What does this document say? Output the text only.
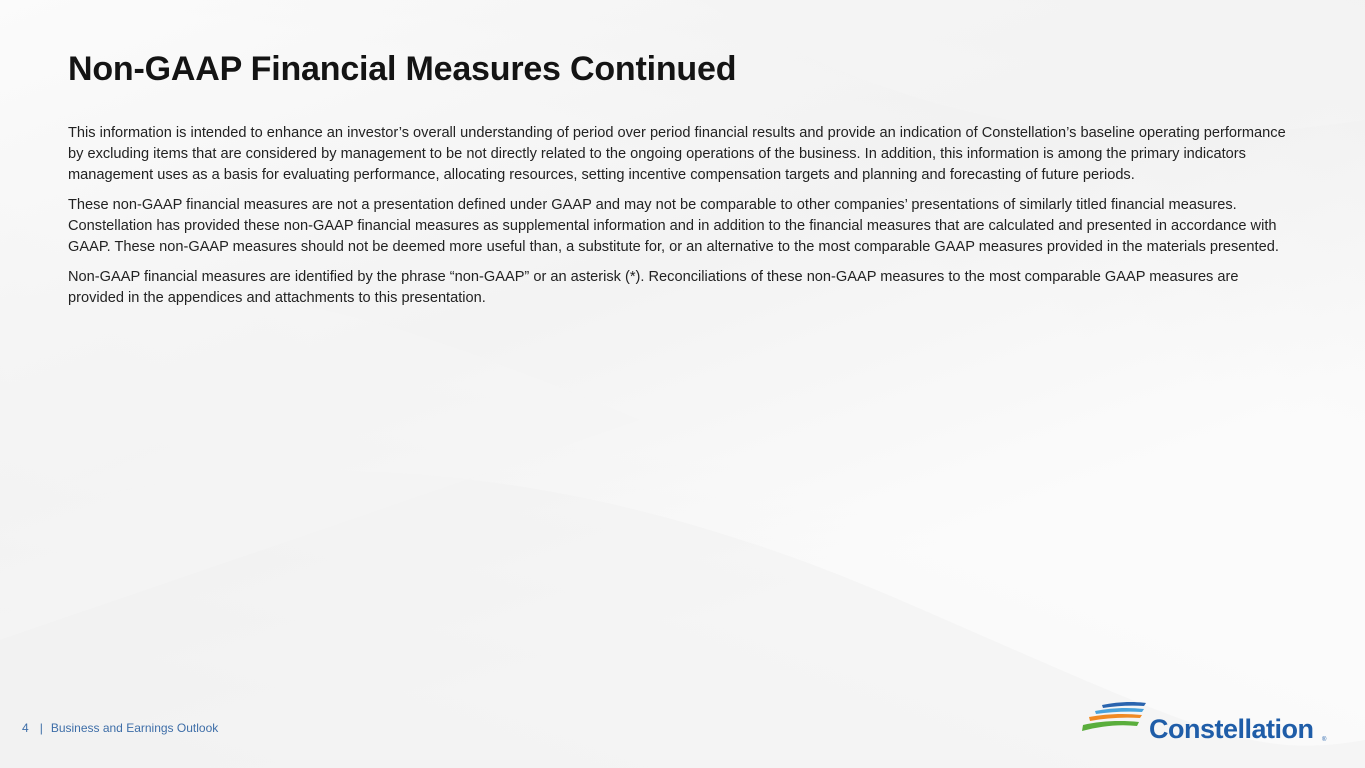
Non-GAAP Financial Measures Continued

This information is intended to enhance an investor’s overall understanding of period over period financial results and provide an indication of Constellation’s baseline operating performance by excluding items that are considered by management to be not directly related to the ongoing operations of the business. In addition, this information is among the primary indicators management uses as a basis for evaluating performance, allocating resources, setting incentive compensation targets and planning and forecasting of future periods.

These non-GAAP financial measures are not a presentation defined under GAAP and may not be comparable to other companies’ presentations of similarly titled financial measures. Constellation has provided these non-GAAP financial measures as supplemental information and in addition to the financial measures that are calculated and presented in accordance with GAAP. These non-GAAP measures should not be deemed more useful than, a substitute for, or an alternative to the most comparable GAAP measures provided in the materials presented.

Non-GAAP financial measures are identified by the phrase “non-GAAP” or an asterisk (*). Reconciliations of these non-GAAP measures to the most comparable GAAP measures are provided in the appendices and attachments to this presentation.

4 | Business and Earnings Outlook	Constellation ®
